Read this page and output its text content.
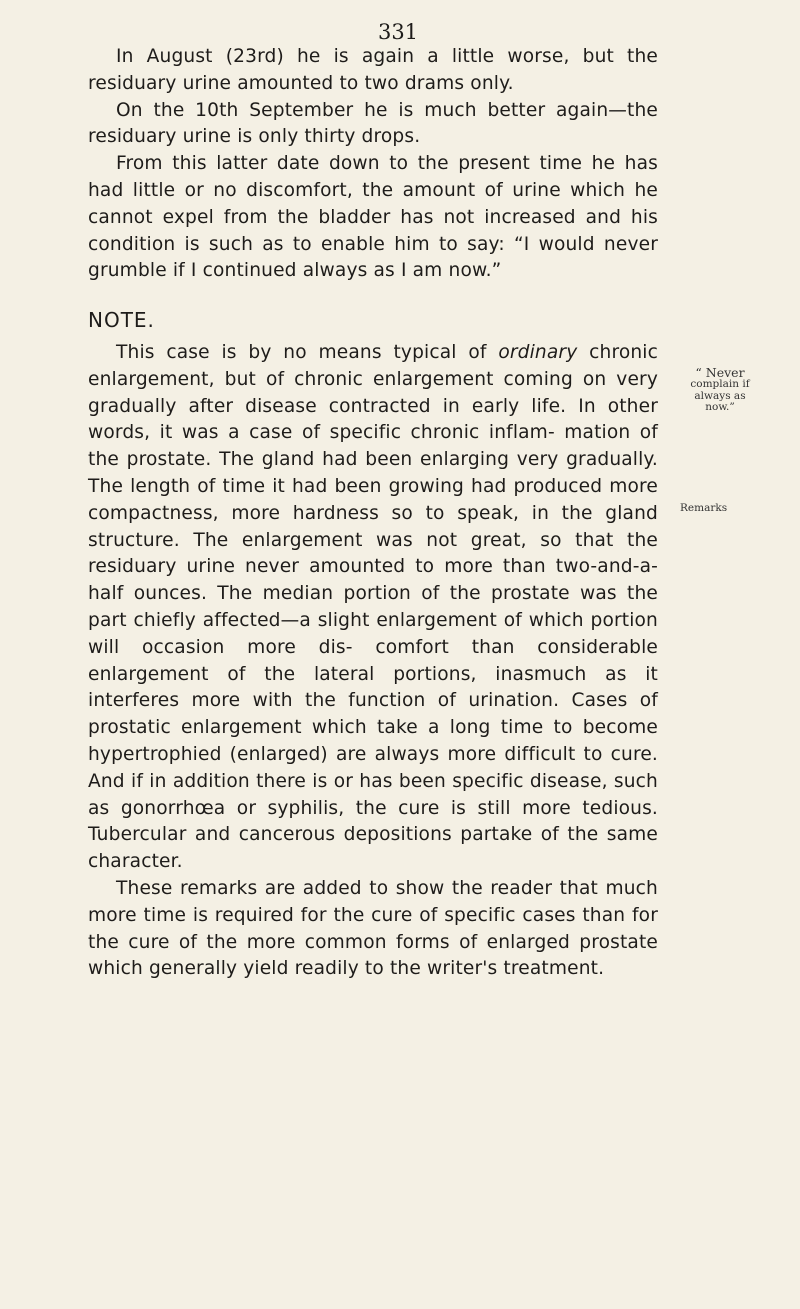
331

In August (23rd) he is again a little worse, but the residuary urine amounted to two drams only.

On the 10th September he is much better again—the residuary urine is only thirty drops.

From this latter date down to the present time he has had little or no discomfort, the amount of urine which he cannot expel from the bladder has not increased and his condition is such as to enable him to say: “I would never grumble if I continued always as I am now.”

NOTE.

This case is by no means typical of ordinary chronic enlargement, but of chronic enlargement coming on very gradually after disease contracted in early life. In other words, it was a case of specific chronic inflam- mation of the prostate. The gland had been enlarging very gradually. The length of time it had been growing had produced more compactness, more hardness so to speak, in the gland structure. The enlargement was not great, so that the residuary urine never amounted to more than two-and-a-half ounces. The median portion of the prostate was the part chiefly affected—a slight enlargement of which portion will occasion more dis- comfort than considerable enlargement of the lateral portions, inasmuch as it interferes more with the function of urination. Cases of prostatic enlargement which take a long time to become hypertrophied (enlarged) are always more difficult to cure. And if in addition there is or has been specific disease, such as gonorrhœa or syphilis, the cure is still more tedious. Tubercular and cancerous depositions partake of the same character.

These remarks are added to show the reader that much more time is required for the cure of specific cases than for the cure of the more common forms of enlarged prostate which generally yield readily to the writer's treatment.

“ Never
complain if
always as
now.”
Remarks
